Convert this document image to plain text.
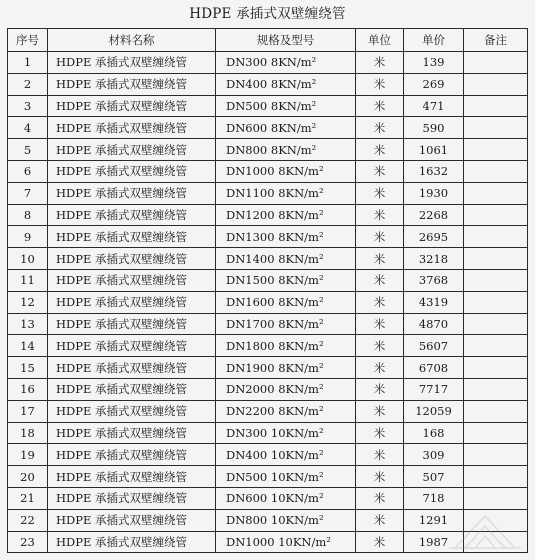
HDPE 承插式双壁缠绕管
序号	材料名称	规格及型号	单位	单价	备注
1	HDPE 承插式双壁缠绕管	DN300 8KN/m²	米	139	
2	HDPE 承插式双壁缠绕管	DN400 8KN/m²	米	269	
3	HDPE 承插式双壁缠绕管	DN500 8KN/m²	米	471	
4	HDPE 承插式双壁缠绕管	DN600 8KN/m²	米	590	
5	HDPE 承插式双壁缠绕管	DN800 8KN/m²	米	1061	
6	HDPE 承插式双壁缠绕管	DN1000 8KN/m²	米	1632	
7	HDPE 承插式双壁缠绕管	DN1100 8KN/m²	米	1930	
8	HDPE 承插式双壁缠绕管	DN1200 8KN/m²	米	2268	
9	HDPE 承插式双壁缠绕管	DN1300 8KN/m²	米	2695	
10	HDPE 承插式双壁缠绕管	DN1400 8KN/m²	米	3218	
11	HDPE 承插式双壁缠绕管	DN1500 8KN/m²	米	3768	
12	HDPE 承插式双壁缠绕管	DN1600 8KN/m²	米	4319	
13	HDPE 承插式双壁缠绕管	DN1700 8KN/m²	米	4870	
14	HDPE 承插式双壁缠绕管	DN1800 8KN/m²	米	5607	
15	HDPE 承插式双壁缠绕管	DN1900 8KN/m²	米	6708	
16	HDPE 承插式双壁缠绕管	DN2000 8KN/m²	米	7717	
17	HDPE 承插式双壁缠绕管	DN2200 8KN/m²	米	12059	
18	HDPE 承插式双壁缠绕管	DN300 10KN/m²	米	168	
19	HDPE 承插式双壁缠绕管	DN400 10KN/m²	米	309	
20	HDPE 承插式双壁缠绕管	DN500 10KN/m²	米	507	
21	HDPE 承插式双壁缠绕管	DN600 10KN/m²	米	718	
22	HDPE 承插式双壁缠绕管	DN800 10KN/m²	米	1291	
23	HDPE 承插式双壁缠绕管	DN1000 10KN/m²	米	1987	
